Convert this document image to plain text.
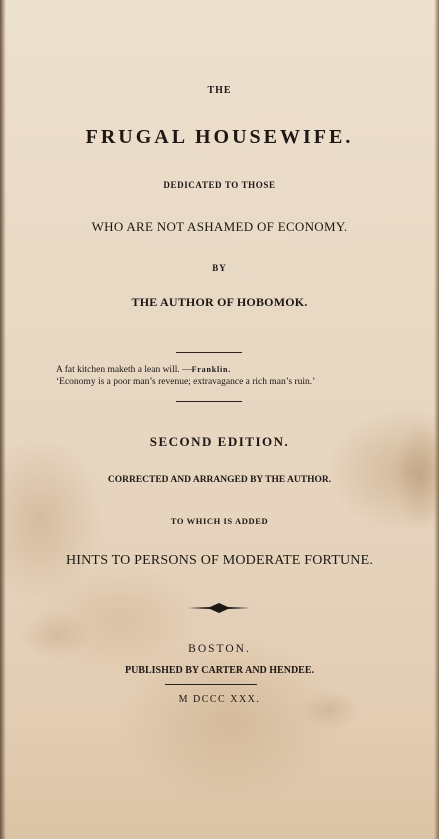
THE

FRUGAL HOUSEWIFE.

DEDICATED TO THOSE

WHO ARE NOT ASHAMED OF ECONOMY.

BY

THE AUTHOR OF HOBOMOK.

A fat kitchen maketh a lean will. —Franklin.

‘Economy is a poor man’s revenue; extravagance a rich man’s ruin.’

SECOND EDITION.

CORRECTED AND ARRANGED BY THE AUTHOR.

TO WHICH IS ADDED

HINTS TO PERSONS OF MODERATE FORTUNE.

BOSTON.

PUBLISHED BY CARTER AND HENDEE.

M DCCC XXX.
